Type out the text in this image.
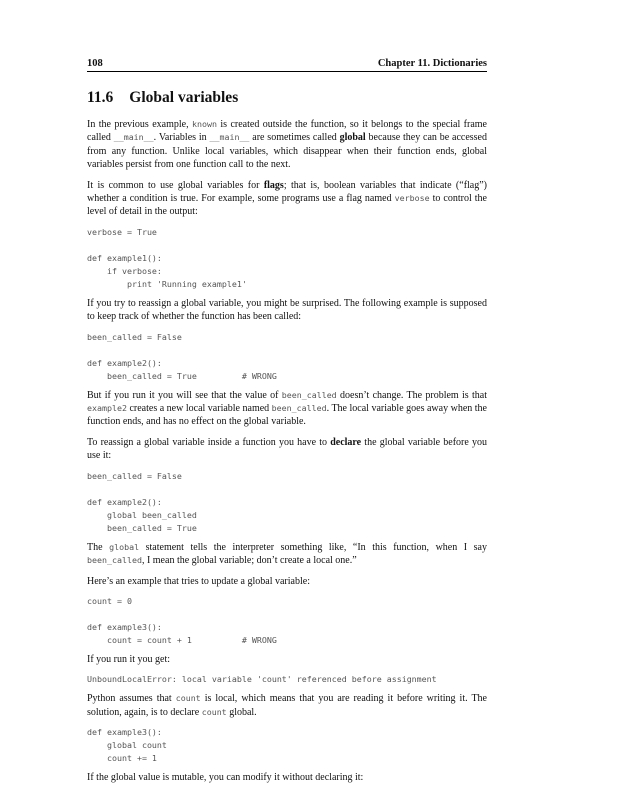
108	Chapter 11. Dictionaries
11.6 Global variables

In the previous example, known is created outside the function, so it belongs to the special frame called __main__. Variables in __main__ are sometimes called global because they can be accessed from any function. Unlike local variables, which disappear when their function ends, global variables persist from one function call to the next.

It is common to use global variables for flags; that is, boolean variables that indicate (“flag”) whether a condition is true. For example, some programs use a flag named verbose to control the level of detail in the output:

verbose = True

def example1():
if verbose:
print 'Running example1'

If you try to reassign a global variable, you might be surprised. The following example is supposed to keep track of whether the function has been called:

been_called = False

def example2():
been_called = True         # WRONG

But if you run it you will see that the value of been_called doesn’t change. The problem is that example2 creates a new local variable named been_called. The local variable goes away when the function ends, and has no effect on the global variable.

To reassign a global variable inside a function you have to declare the global variable before you use it:

been_called = False

def example2():
global been_called
been_called = True

The global statement tells the interpreter something like, “In this function, when I say been_called, I mean the global variable; don’t create a local one.”

Here’s an example that tries to update a global variable:

count = 0

def example3():
count = count + 1          # WRONG

If you run it you get:

UnboundLocalError: local variable 'count' referenced before assignment

Python assumes that count is local, which means that you are reading it before writing it. The solution, again, is to declare count global.

def example3():
global count
count += 1

If the global value is mutable, you can modify it without declaring it:
